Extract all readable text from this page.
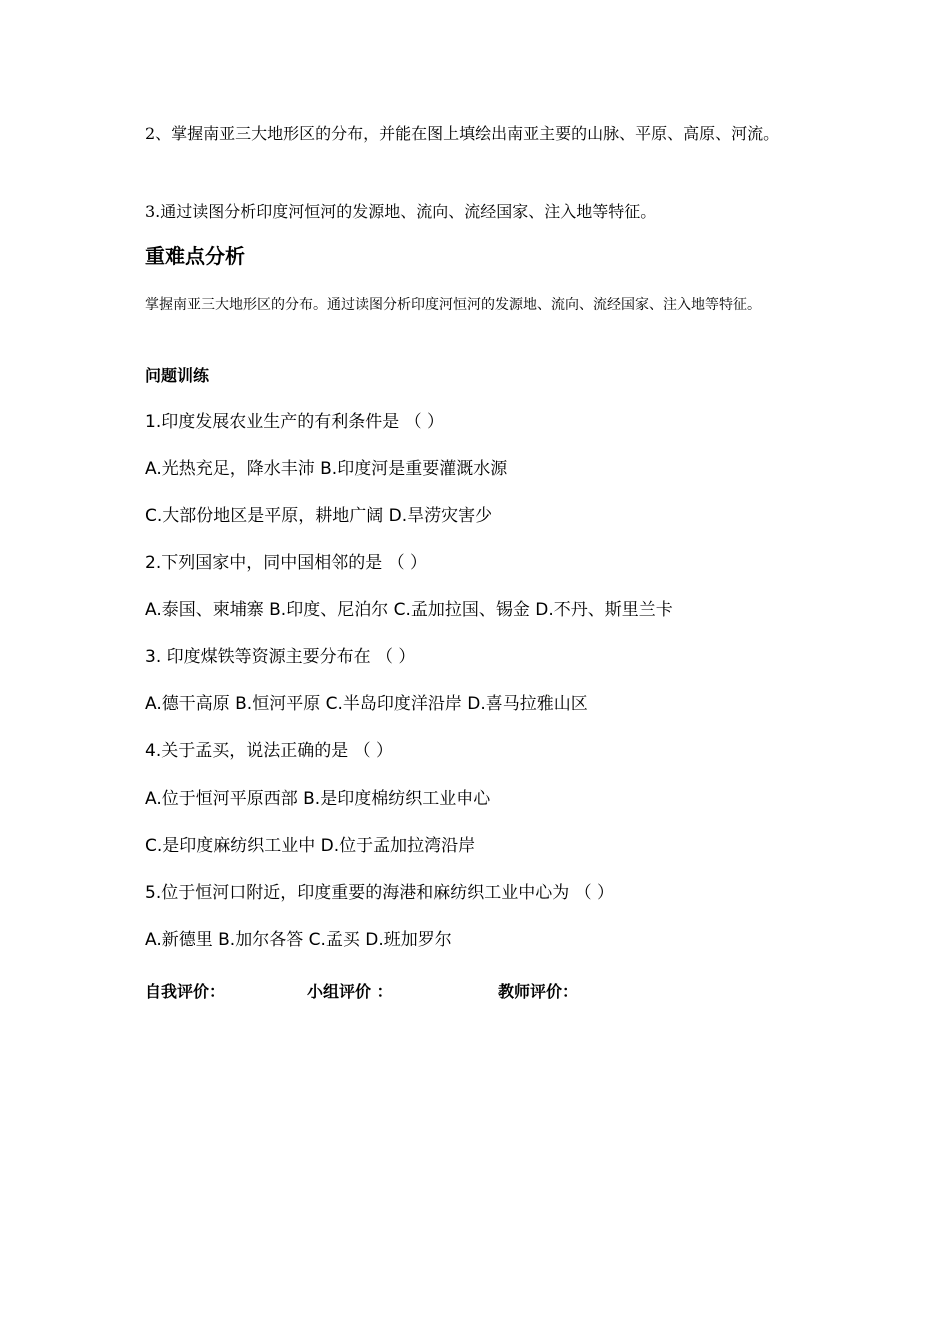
2、掌握南亚三大地形区的分布，并能在图上填绘出南亚主要的山脉、平原、高原、河流。

3.通过读图分析印度河恒河的发源地、流向、流经国家、注入地等特征。

重难点分析

掌握南亚三大地形区的分布。通过读图分析印度河恒河的发源地、流向、流经国家、注入地等特征。

问题训练
1.印度发展农业生产的有利条件是 （ ）
A.光热充足，降水丰沛 B.印度河是重要灌溉水源
C.大部份地区是平原，耕地广阔 D.旱涝灾害少
2.下列国家中，同中国相邻的是 （ ）
A.泰国、柬埔寨 B.印度、尼泊尔 C.孟加拉国、锡金 D.不丹、斯里兰卡
3. 印度煤铁等资源主要分布在 （ ）
A.德干高原 B.恒河平原 C.半岛印度洋沿岸 D.喜马拉雅山区
4.关于孟买，说法正确的是 （ ）
A.位于恒河平原西部 B.是印度棉纺织工业申心
C.是印度麻纺织工业中 D.位于孟加拉湾沿岸
5.位于恒河口附近，印度重要的海港和麻纺织工业中心为 （ ）
A.新德里 B.加尔各答 C.孟买 D.班加罗尔
自我评价：	小组评价 ：	教师评价：
